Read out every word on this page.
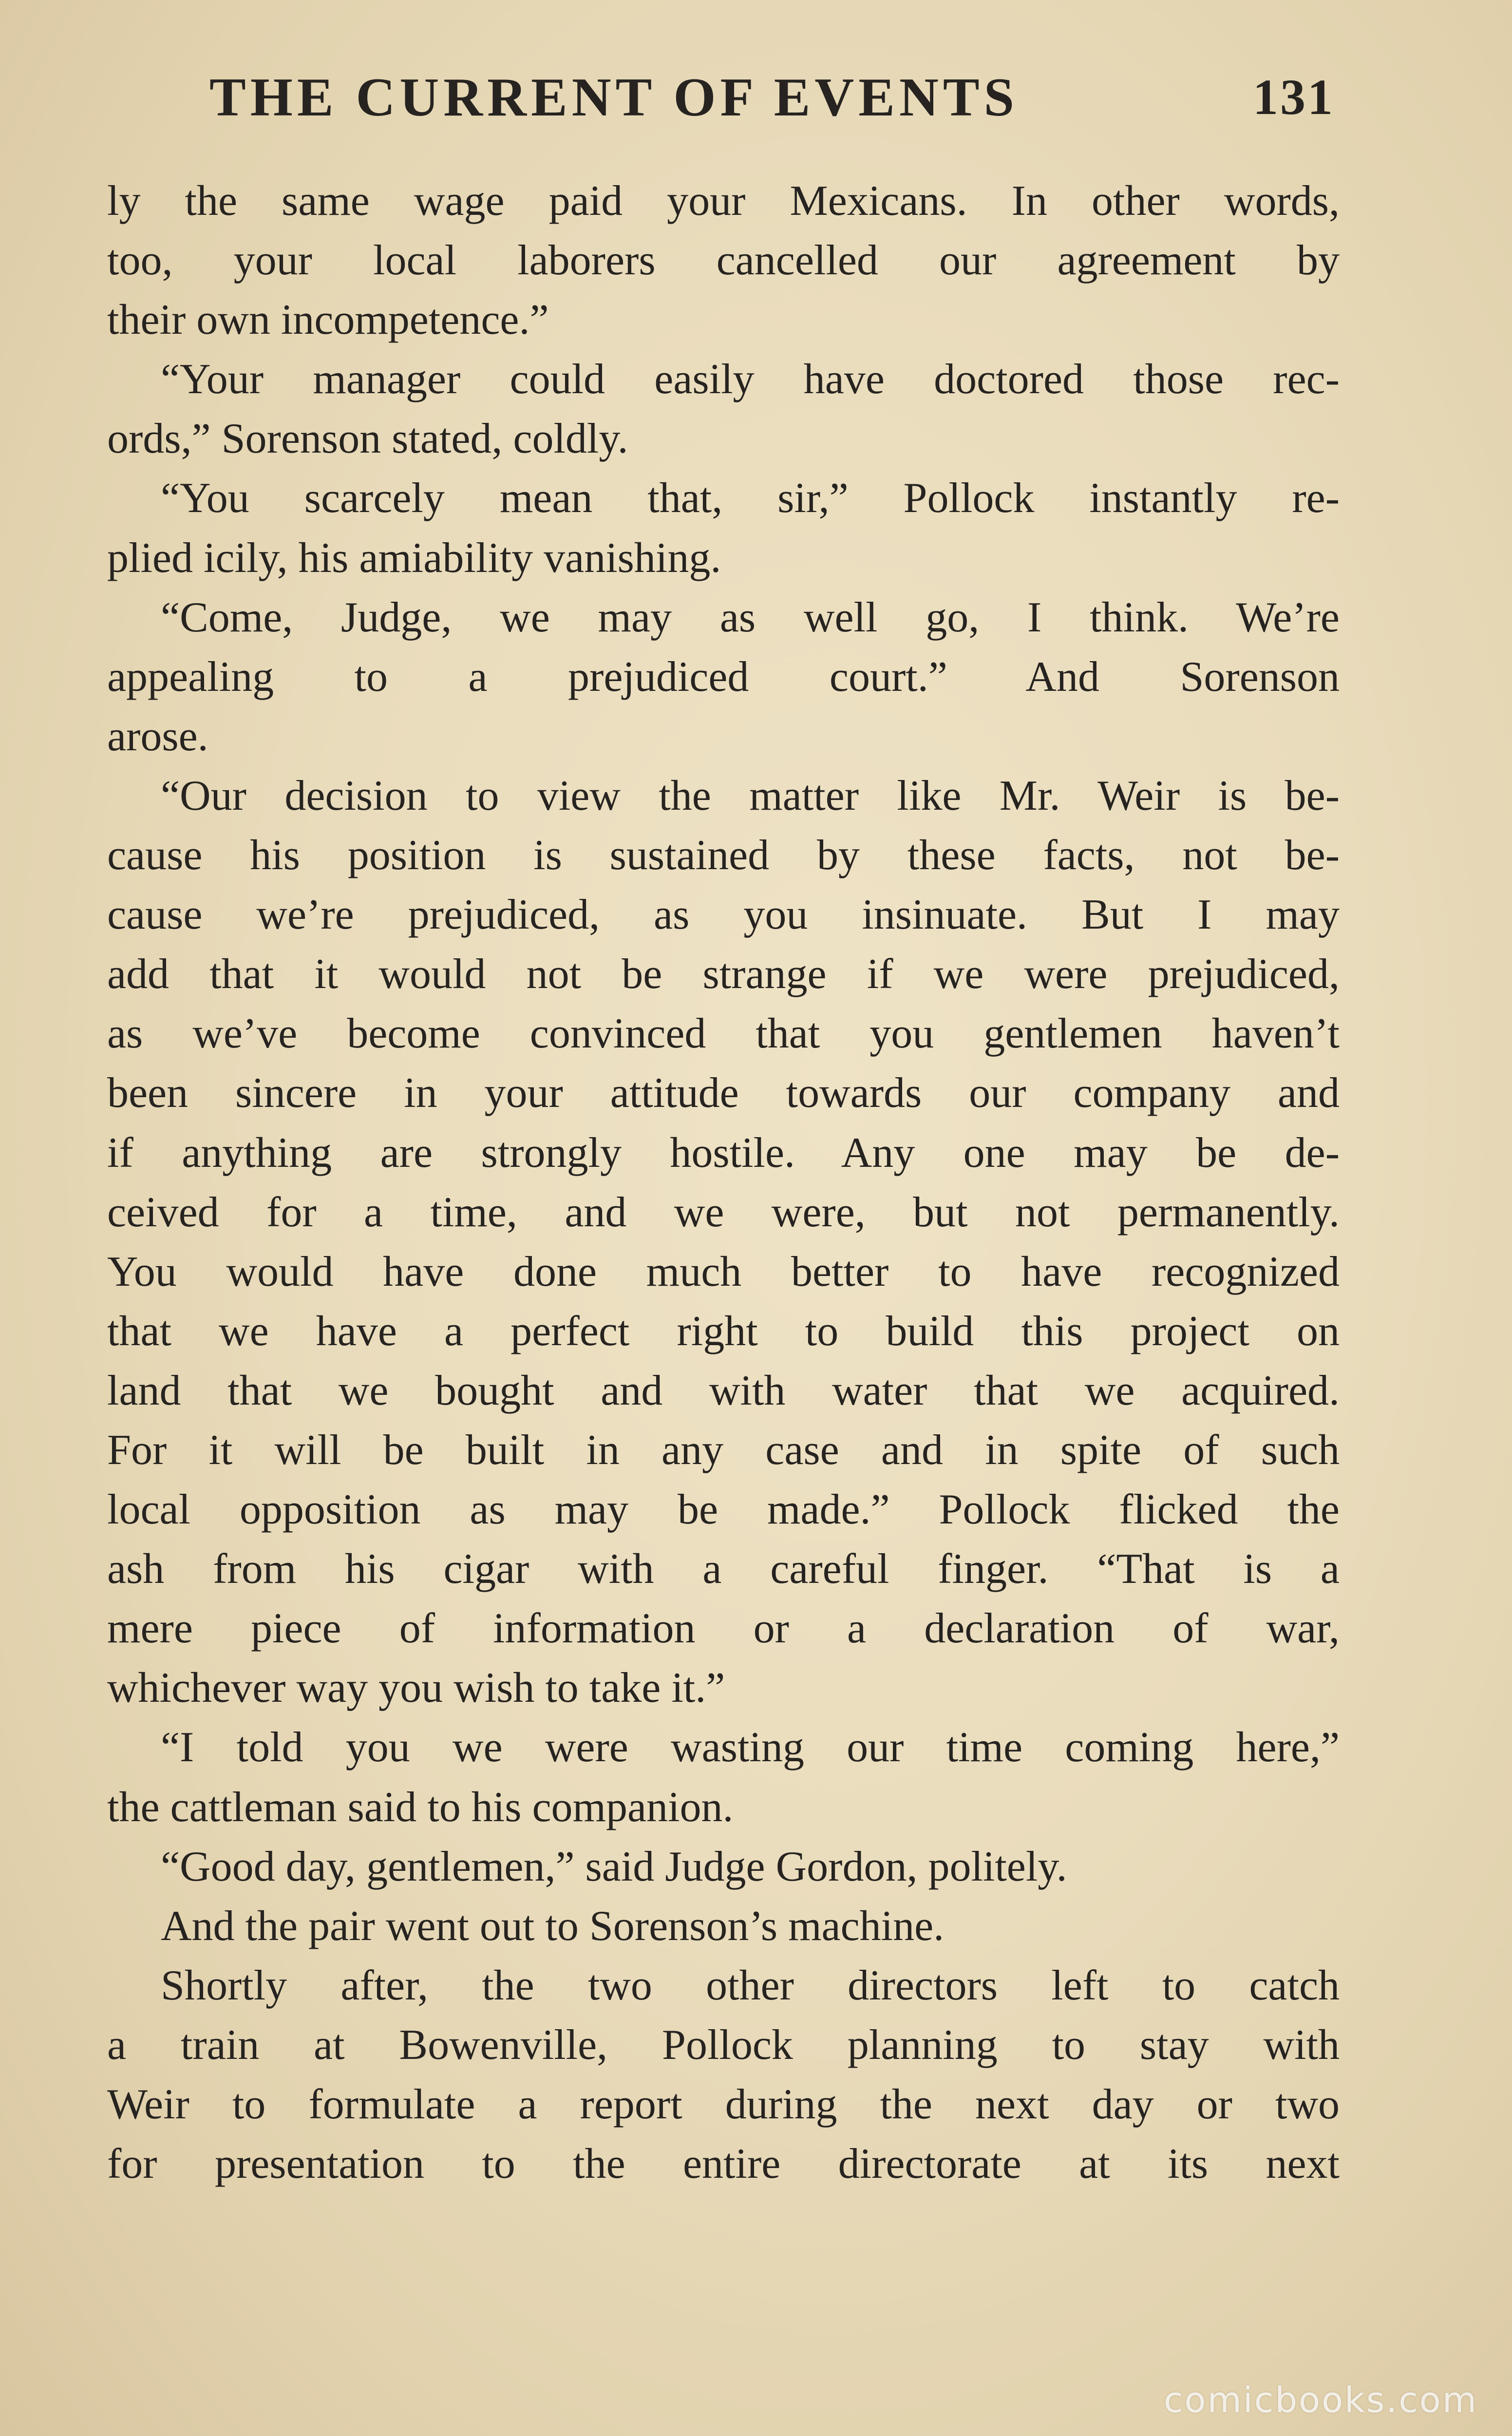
THE CURRENT OF EVENTS	131
ly the same wage paid your Mexicans. In other words,
too, your local laborers cancelled our agreement by
their own incompetence.”
“Your manager could easily have doctored those rec-
ords,” Sorenson stated, coldly.
“You scarcely mean that, sir,” Pollock instantly re-
plied icily, his amiability vanishing.
“Come, Judge, we may as well go, I think. We’re
appealing to a prejudiced court.” And Sorenson
arose.
“Our decision to view the matter like Mr. Weir is be-
cause his position is sustained by these facts, not be-
cause we’re prejudiced, as you insinuate. But I may
add that it would not be strange if we were prejudiced,
as we’ve become convinced that you gentlemen haven’t
been sincere in your attitude towards our company and
if anything are strongly hostile. Any one may be de-
ceived for a time, and we were, but not permanently.
You would have done much better to have recognized
that we have a perfect right to build this project on
land that we bought and with water that we acquired.
For it will be built in any case and in spite of such
local opposition as may be made.” Pollock flicked the
ash from his cigar with a careful finger. “That is a
mere piece of information or a declaration of war,
whichever way you wish to take it.”
“I told you we were wasting our time coming here,”
the cattleman said to his companion.
“Good day, gentlemen,” said Judge Gordon, politely.
And the pair went out to Sorenson’s machine.
Shortly after, the two other directors left to catch
a train at Bowenville, Pollock planning to stay with
Weir to formulate a report during the next day or two
for presentation to the entire directorate at its next
comicbooks.com
